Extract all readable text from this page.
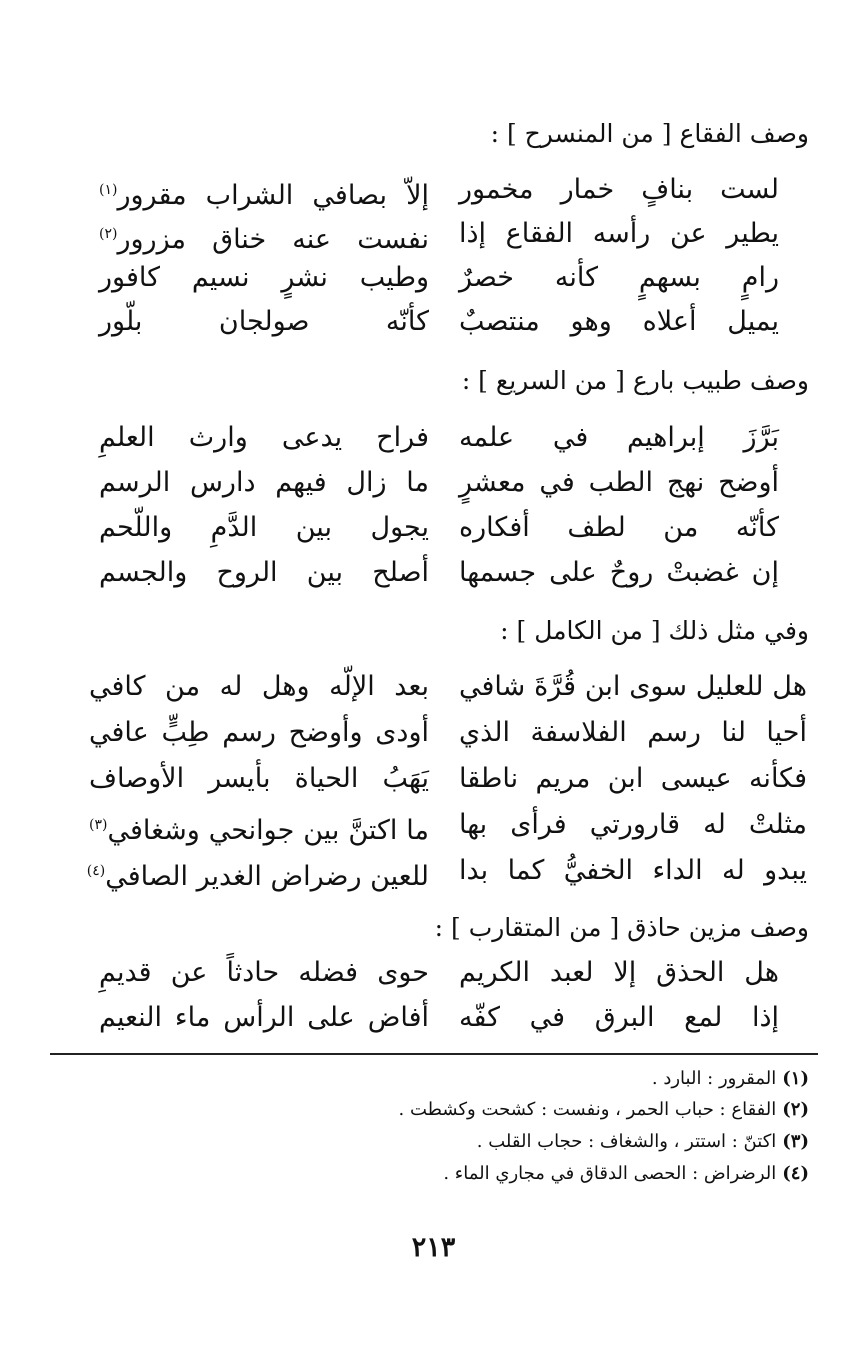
وصف الفقاع [ من المنسرح ] :
لست بنافٍ خمار مخمور
إلاّ بصافي الشراب مقرور$^{(١)}$
يطير عن رأسه الفقاع إذا
نفست عنه خناق مزرور$^{(٢)}$
رامٍ بسهمٍ كأنه خصرٌ
وطيب نشرٍ نسيم كافور
يميل أعلاه وهو منتصبٌ
كأنّه صولجان بلّور
وصف طبيب بارع [ من السريع ] :
بَرَّزَ إبراهيم في علمه
فراح يدعى وارث العلمِ
أوضح نهج الطب في معشرٍ
ما زال فيهم دارس الرسم
كأنّه من لطف أفكاره
يجول بين الدَّمِ واللّحم
إن غضبتْ روحٌ على جسمها
أصلح بين الروح والجسم
وفي مثل ذلك [ من الكامل ] :
هل للعليل سوى ابن قُرَّةَ شافي
بعد الإلّه وهل له من كافي
أحيا لنا رسم الفلاسفة الذي
أودى وأوضح رسم طِبٍّ عافي
فكأنه عيسى ابن مريم ناطقا
يَهَبُ الحياة بأيسر الأوصاف
مثلتْ له قارورتي فرأى بها
ما اكتنَّ بين جوانحي وشغافي$^{(٣)}$
يبدو له الداء الخفيُّ كما بدا
للعين رضراض الغدير الصافي$^{(٤)}$
وصف مزين حاذق [ من المتقارب ] :
هل الحذق إلا لعبد الكريم
حوى فضله حادثاً عن قديمِ
إذا لمع البرق في كفّه
أفاض على الرأس ماء النعيم
(١)المقرور : البارد .
(٢)الفقاع : حباب الحمر ، ونفست : كشحت وكشطت .
(٣)اكتنّ : استتر ، والشغاف : حجاب القلب .
(٤)الرضراض : الحصى الدقاق في مجاري الماء .
٢١٣
